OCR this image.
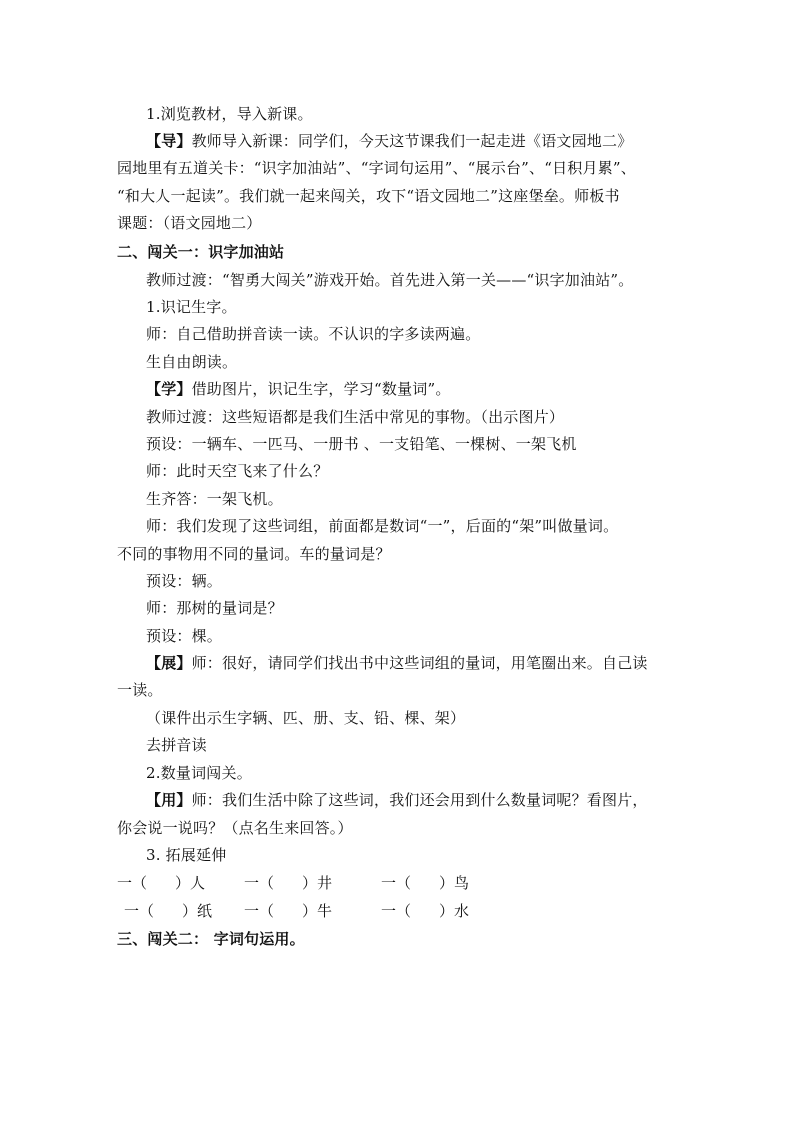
1.浏览教材，导入新课。
【导】教师导入新课：同学们，今天这节课我们一起走进《语文园地二》
园地里有五道关卡：“识字加油站”、“字词句运用”、“展示台”、“日积月累”、
“和大人一起读”。我们就一起来闯关，攻下“语文园地二”这座堡垒。师板书
课题：（语文园地二）
二、闯关一：识字加油站
教师过渡：“智勇大闯关”游戏开始。首先进入第一关——“识字加油站”。
1.识记生字。
师：自己借助拼音读一读。不认识的字多读两遍。
生自由朗读。
【学】借助图片，识记生字，学习“数量词”。
教师过渡：这些短语都是我们生活中常见的事物。（出示图片）
预设：一辆车、一匹马、一册书 、一支铅笔、一棵树、一架飞机
师：此时天空飞来了什么？
生齐答：一架飞机。
师：我们发现了这些词组，前面都是数词“一”，后面的“架”叫做量词。
不同的事物用不同的量词。车的量词是？
预设：辆。
师：那树的量词是？
预设：棵。
【展】师：很好，请同学们找出书中这些词组的量词，用笔圈出来。自己读
一读。
（课件出示生字辆、匹、册、支、铅、棵、架）
去拼音读
2.数量词闯关。
【用】师：我们生活中除了这些词，我们还会用到什么数量词呢？看图片，
你会说一说吗？（点名生来回答。）
3. 拓展延伸
一（ ）人	一（ ）井	一（ ）鸟
一（ ）纸 一（ ）牛	一（ ）水
三、闯关二： 字词句运用。
